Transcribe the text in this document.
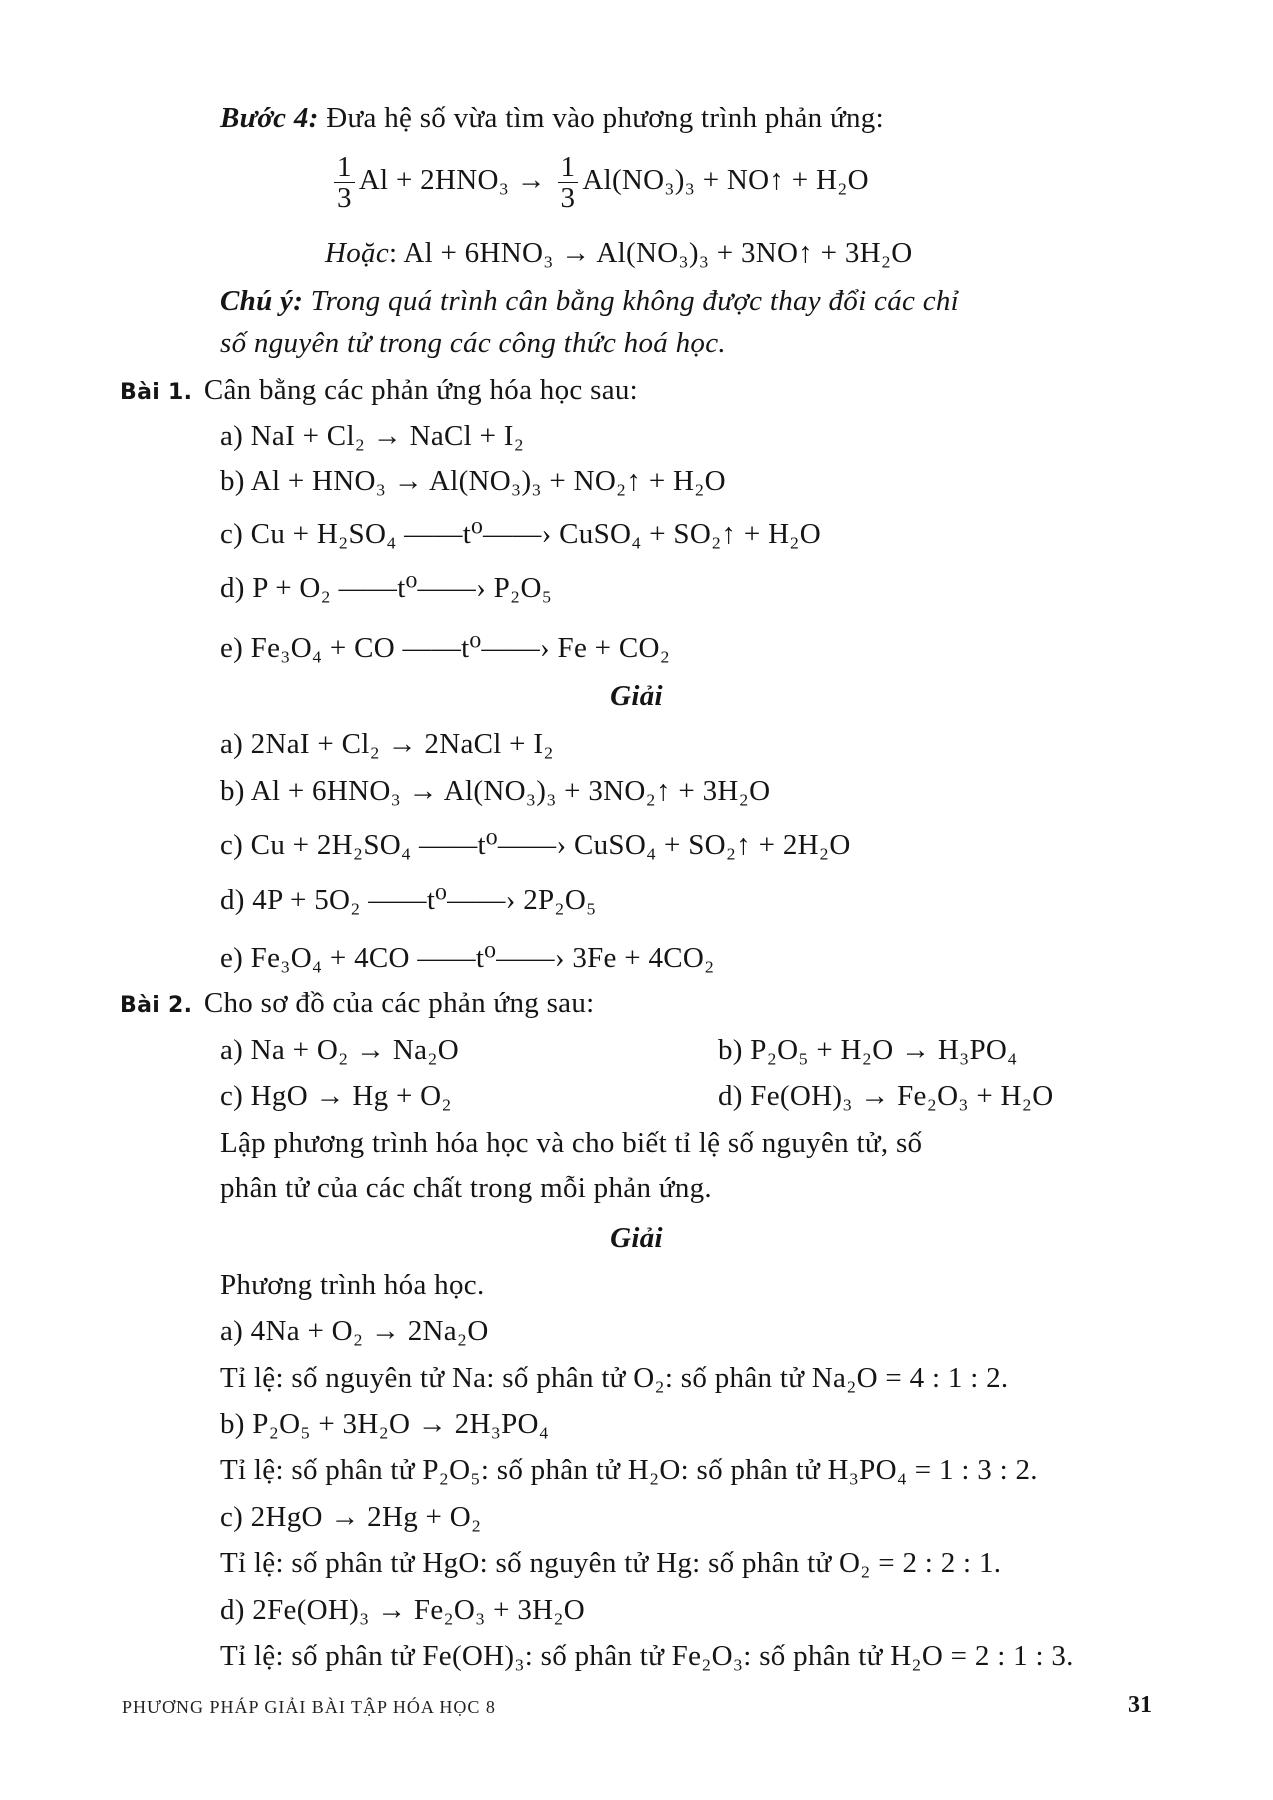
Bước 4: Đưa hệ số vừa tìm vào phương trình phản ứng:
$\frac{1}{3}$ $Al + 2HNO_3 \to \frac{1}{3} Al(NO_3)_3$ + NO↑ + H₂O
Hoặc: Al + 6HNO₃ → Al(NO₃)₃ + 3NO↑ + 3H₂O
Chú ý: Trong quá trình cân bằng không được thay đổi các chỉ
số nguyên tử trong các công thức hoá học.
Bài 1. Cân bằng các phản ứng hóa học sau:
a) NaI + Cl₂ → NaCl + I₂
b) Al + HNO₃ → Al(NO₃)₃ + NO₂↑ + H₂O
c) Cu + H₂SO₄ ——t⁰——› CuSO₄ + SO₂↑ + H₂O
d) P + O₂ ——t⁰——› P₂O₅
e) Fe₃O₄ + CO ——t⁰——› Fe + CO₂
Giải
a) 2NaI + Cl₂ → 2NaCl + I₂
b) Al + 6HNO₃ → Al(NO₃)₃ + 3NO₂↑ + 3H₂O
c) Cu + 2H₂SO₄ ——t⁰——› CuSO₄ + SO₂↑ + 2H₂O
d) 4P + 5O₂ ——t⁰——› 2P₂O₅
e) Fe₃O₄ + 4CO ——t⁰——› 3Fe + 4CO₂
Bài 2. Cho sơ đồ của các phản ứng sau:
a) Na + O₂ → Na₂O	b) P₂O₅ + H₂O → H₃PO₄
c) HgO → Hg + O₂	d) Fe(OH)₃ → Fe₂O₃ + H₂O
Lập phương trình hóa học và cho biết tỉ lệ số nguyên tử, số
phân tử của các chất trong mỗi phản ứng.
Giải
Phương trình hóa học.
a) 4Na + O₂ → 2Na₂O
Tỉ lệ: số nguyên tử Na: số phân tử O₂: số phân tử Na₂O = 4 : 1 : 2.
b) P₂O₅ + 3H₂O → 2H₃PO₄
Tỉ lệ: số phân tử P₂O₅: số phân tử H₂O: số phân tử H₃PO₄ = 1 : 3 : 2.
c) 2HgO → 2Hg + O₂
Tỉ lệ: số phân tử HgO: số nguyên tử Hg: số phân tử O₂ = 2 : 2 : 1.
d) 2Fe(OH)₃ → Fe₂O₃ + 3H₂O
Tỉ lệ: số phân tử Fe(OH)₃: số phân tử Fe₂O₃: số phân tử H₂O = 2 : 1 : 3.
PHƯƠNG PHÁP GIẢI BÀI TẬP HÓA HỌC 8	31
